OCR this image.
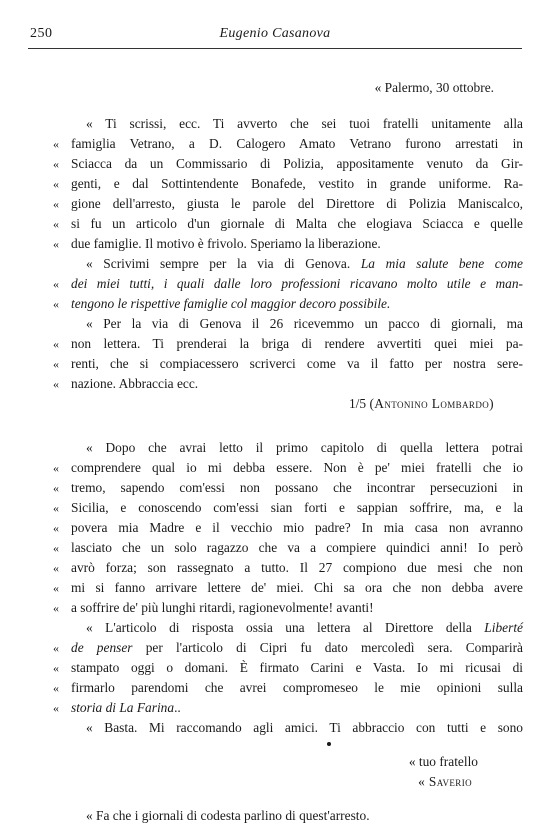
250	Eugenio Casanova
« Palermo, 30 ottobre.
« Ti scrissi, ecc. Ti avverto che sei tuoi fratelli unitamente alla
« famiglia Vetrano, a D. Calogero Amato Vetrano furono arrestati in
« Sciacca da un Commissario di Polizia, appositamente venuto da Gir-
« genti, e dal Sottintendente Bonafede, vestito in grande uniforme. Ra-
« gione dell'arresto, giusta le parole del Direttore di Polizia Maniscalco,
« si fu un articolo d'un giornale di Malta che elogiava Sciacca e quelle
« due famiglie. Il motivo è frivolo. Speriamo la liberazione.
« Scrivimi sempre per la via di Genova. La mia salute bene come
« dei miei tutti, i quali dalle loro professioni ricavano molto utile e man-
« tengono le rispettive famiglie col maggior decoro possibile.
« Per la via di Genova il 26 ricevemmo un pacco di giornali, ma
« non lettera. Ti prenderai la briga di rendere avvertiti quei miei pa-
« renti, che si compiacessero scriverci come va il fatto per nostra sere-
« nazione. Abbraccia ecc.
1/5 (Antonino Lombardo)
« Dopo che avrai letto il primo capitolo di quella lettera potrai
« comprendere qual io mi debba essere. Non è pe' miei fratelli che io
« tremo, sapendo com'essi non possano che incontrar persecuzioni in
« Sicilia, e conoscendo com'essi sian forti e sappian soffrire, ma, e la
« povera mia Madre e il vecchio mio padre? In mia casa non avranno
« lasciato che un solo ragazzo che va a compiere quindici anni! Io però
« avrò forza; son rassegnato a tutto. Il 27 compiono due mesi che non
« mi si fanno arrivare lettere de' miei. Chi sa ora che non debba avere
« a soffrire de' più lunghi ritardi, ragionevolmente! avanti!
« L'articolo di risposta ossia una lettera al Direttore della Liberté
« de penser per l'articolo di Cipri fu dato mercoledì sera. Comparirà
« stampato oggi o domani. È firmato Carini e Vasta. Io mi ricusai di
« firmarlo parendomi che avrei compromeseo le mie opinioni sulla
« storia di La Farina..
« Basta. Mi raccomando agli amici. Ti abbraccio con tutti e sono
« tuo fratello
« Saverio
« Fa che i giornali di codesta parlino di quest'arresto.
